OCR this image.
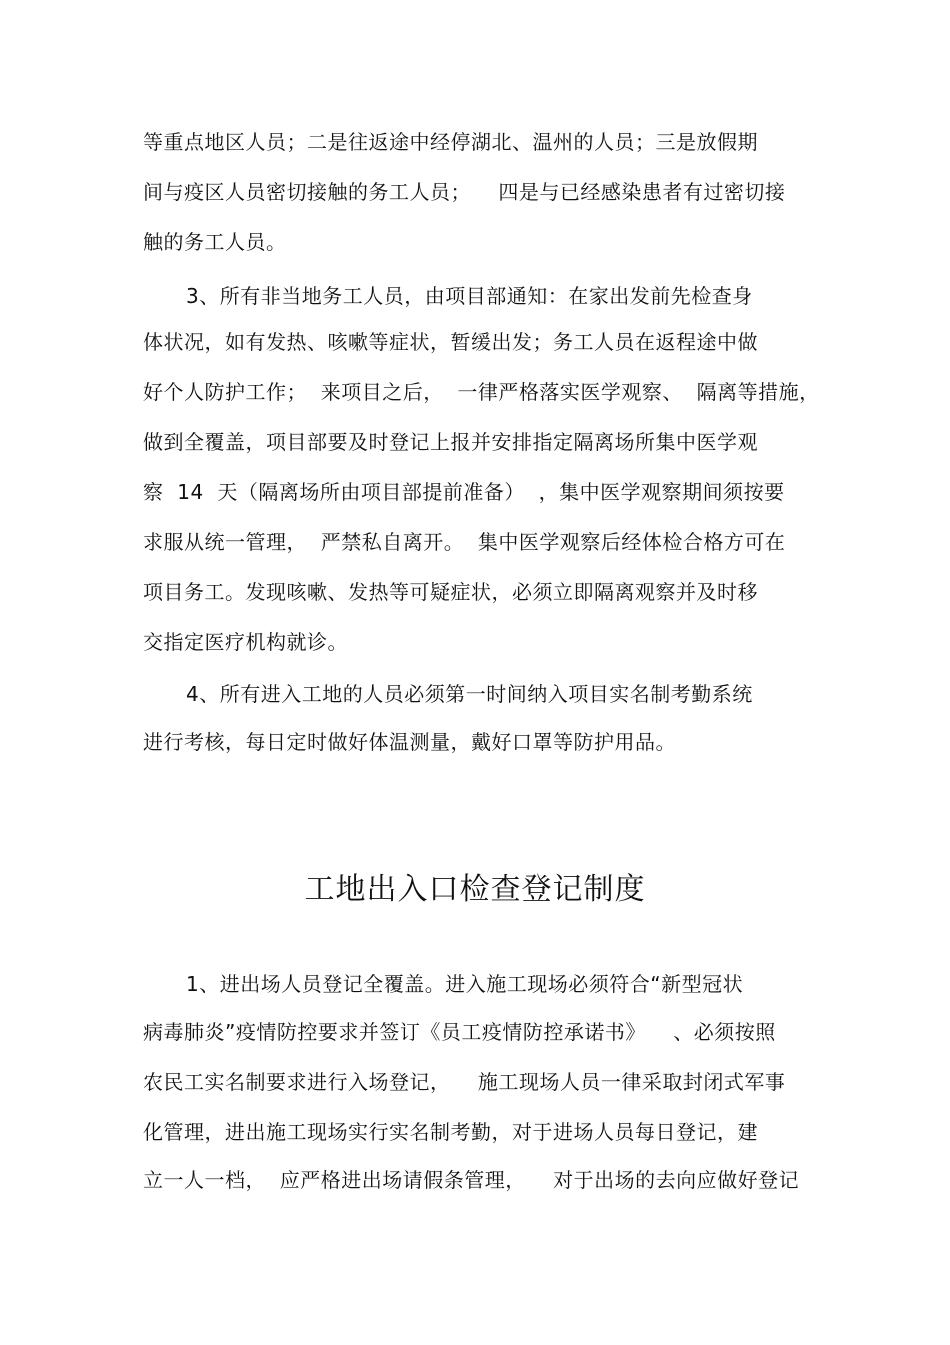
等重点地区人员；二是往返途中经停湖北、温州的人员；三是放假期
间与疫区人员密切接触的务工人员；    四是与已经感染患者有过密切接
触的务工人员。
3、所有非当地务工人员，由项目部通知：在家出发前先检查身
体状况，如有发热、咳嗽等症状，暂缓出发；务工人员在返程途中做
好个人防护工作；  来项目之后，  一律严格落实医学观察、  隔离等措施，
做到全覆盖，项目部要及时登记上报并安排指定隔离场所集中医学观
察  14  天（隔离场所由项目部提前准备）  ，集中医学观察期间须按要
求服从统一管理，  严禁私自离开。  集中医学观察后经体检合格方可在
项目务工。发现咳嗽、发热等可疑症状，必须立即隔离观察并及时移
交指定医疗机构就诊。
4、所有进入工地的人员必须第一时间纳入项目实名制考勤系统
进行考核，每日定时做好体温测量，戴好口罩等防护用品。
工地出入口检查登记制度
1、进出场人员登记全覆盖。进入施工现场必须符合“新型冠状
病毒肺炎”疫情防控要求并签订《员工疫情防控承诺书》    、必须按照
农民工实名制要求进行入场登记，    施工现场人员一律采取封闭式军事
化管理，进出施工现场实行实名制考勤，对于进场人员每日登记，建
立一人一档，  应严格进出场请假条管理，    对于出场的去向应做好登记
